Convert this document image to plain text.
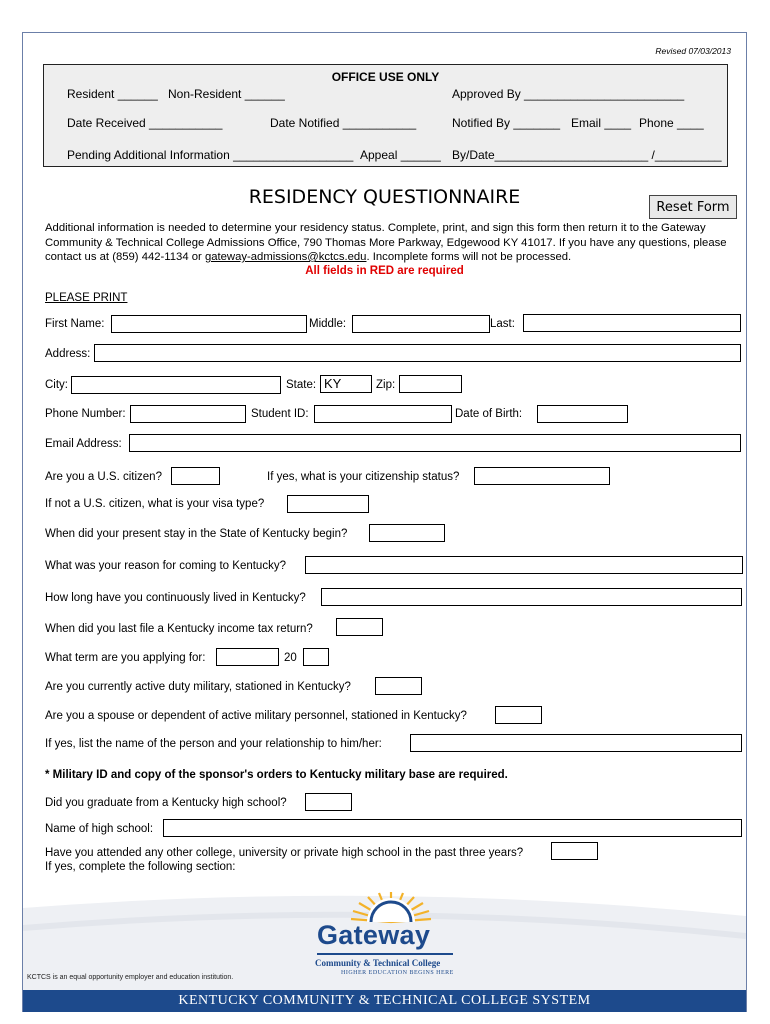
Revised 07/03/2013
OFFICE USE ONLY
Resident ______ Non-Resident ______	Approved By ________________________
Date Received ___________	Date Notified ___________	Notified By _______ Email ____ Phone ____
Pending Additional Information __________________ Appeal ______ By/Date_______________________ /__________
RESIDENCY QUESTIONNAIRE	Reset Form
Additional information is needed to determine your residency status. Complete, print, and sign this form then return it to the Gateway Community & Technical College Admissions Office, 790 Thomas More Parkway, Edgewood KY 41017. If you have any questions, please contact us at (859) 442-1134 or gateway-admissions@kctcs.edu. Incomplete forms will not be processed.
All fields in RED are required
PLEASE PRINT
First Name:	Middle:	Last:
Address:
City:	State: KY	Zip:
Phone Number:	Student ID:	Date of Birth:
Email Address:
Are you a U.S. citizen?	If yes, what is your citizenship status?
If not a U.S. citizen, what is your visa type?
When did your present stay in the State of Kentucky begin?
What was your reason for coming to Kentucky?
How long have you continuously lived in Kentucky?
When did you last file a Kentucky income tax return?
What term are you applying for:	20
Are you currently active duty military, stationed in Kentucky?
Are you a spouse or dependent of active military personnel, stationed in Kentucky?
If yes, list the name of the person and your relationship to him/her:
* Military ID and copy of the sponsor's orders to Kentucky military base are required.
Did you graduate from a Kentucky high school?
Name of high school:
Have you attended any other college, university or private high school in the past three years?
If yes, complete the following section:
Gateway
Community & Technical College
HIGHER EDUCATION BEGINS HERE
KCTCS is an equal opportunity employer and education institution.
KENTUCKY COMMUNITY & TECHNICAL COLLEGE SYSTEM
